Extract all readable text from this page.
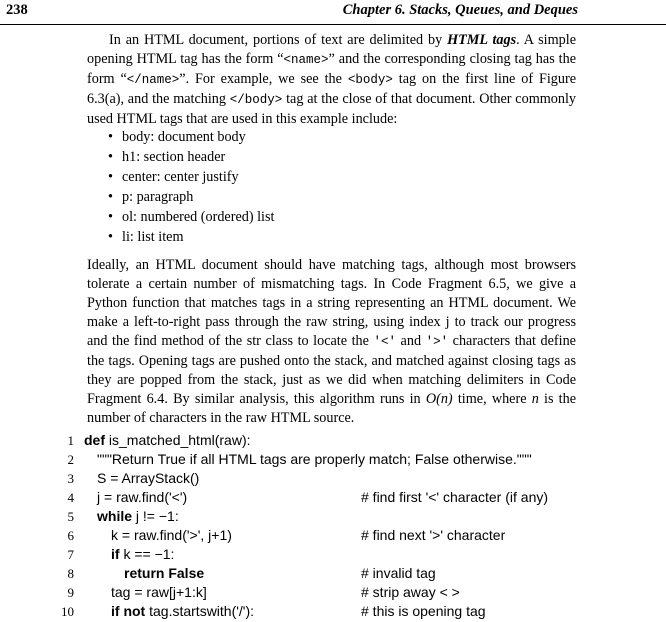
238	Chapter 6. Stacks, Queues, and Deques

In an HTML document, portions of text are delimited by HTML tags. A simple opening HTML tag has the form “<name>” and the corresponding closing tag has the form “</name>”. For example, we see the <body> tag on the first line of Figure 6.3(a), and the matching </body> tag at the close of that document. Other commonly used HTML tags that are used in this example include:

• body: document body
• h1: section header
• center: center justify
• p: paragraph
• ol: numbered (ordered) list
• li: list item

Ideally, an HTML document should have matching tags, although most browsers tolerate a certain number of mismatching tags. In Code Fragment 6.5, we give a Python function that matches tags in a string representing an HTML document. We make a left-to-right pass through the raw string, using index j to track our progress and the find method of the str class to locate the '<' and '>' characters that define the tags. Opening tags are pushed onto the stack, and matched against closing tags as they are popped from the stack, just as we did when matching delimiters in Code Fragment 6.4. By similar analysis, this algorithm runs in O(n) time, where n is the number of characters in the raw HTML source.

1 def is_matched_html(raw):
2 """Return True if all HTML tags are properly match; False otherwise."""
3 S = ArrayStack()
4 j = raw.find('<')	# find first '<' character (if any)
5 while j != −1:
6	k = raw.find('>', j+1)	# find next '>' character
7	if k == −1:
8	return False	# invalid tag
9	tag = raw[j+1:k]	# strip away < >
10	if not tag.startswith('/'):	# this is opening tag
